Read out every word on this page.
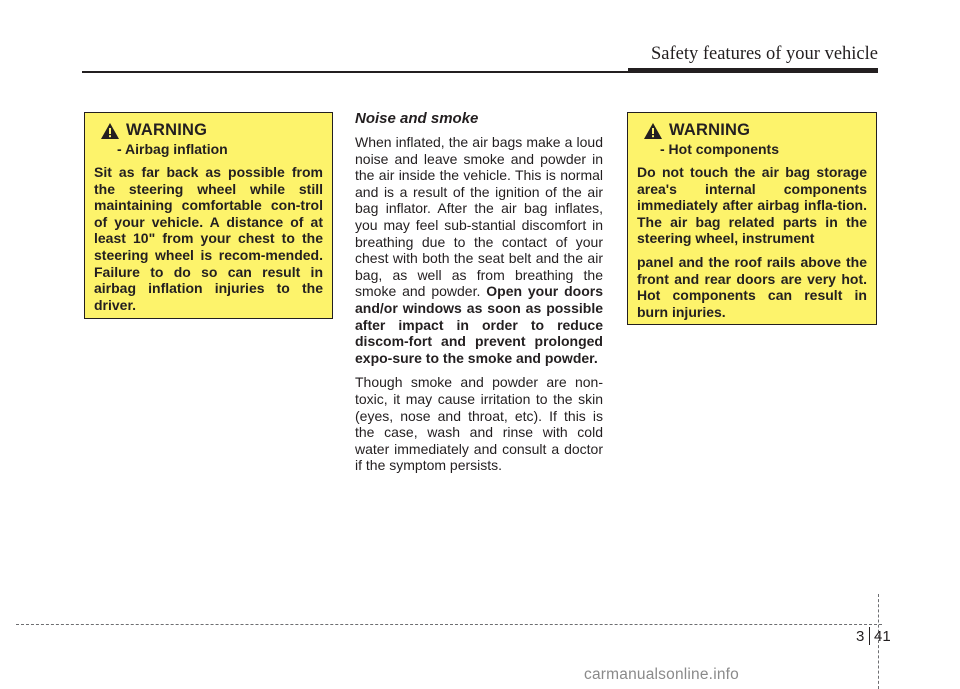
Safety features of your vehicle
WARNING
- Airbag inflation

Sit as far back as possible from the steering wheel while still maintaining comfortable con-trol of your vehicle. A distance of at least 10" from your chest to the steering wheel is recom-mended. Failure to do so can result in airbag inflation injuries to the driver.

Noise and smoke

When inflated, the air bags make a loud noise and leave smoke and powder in the air inside the vehicle. This is normal and is a result of the ignition of the air bag inflator. After the air bag inflates, you may feel sub-stantial discomfort in breathing due to the contact of your chest with both the seat belt and the air bag, as well as from breathing the smoke and powder. Open your doors and/or windows as soon as possible after impact in order to reduce discom-fort and prevent prolonged expo-sure to the smoke and powder.

Though smoke and powder are non-toxic, it may cause irritation to the skin (eyes, nose and throat, etc). If this is the case, wash and rinse with cold water immediately and consult a doctor if the symptom persists.

WARNING
- Hot components

Do not touch the air bag storage area's internal components immediately after airbag infla-tion. The air bag related parts in the steering wheel, instrument

panel and the roof rails above the front and rear doors are very hot. Hot components can result in burn injuries.

3 41
carmanualsonline.info
